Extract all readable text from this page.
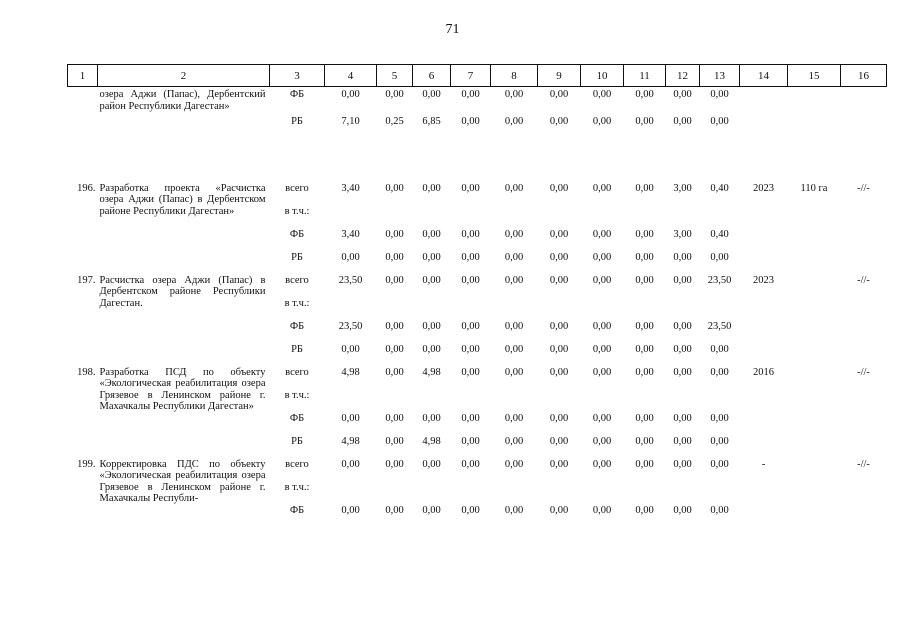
71
1	2	3	4	5	6	7	8	9	10	11	12	13	14	15	16
	озера Аджи (Папас), Дербентский район Республики Дагестан»	ФБ	0,00	0,00	0,00	0,00	0,00	0,00	0,00	0,00	0,00	0,00			
		РБ	7,10	0,25	6,85	0,00	0,00	0,00	0,00	0,00	0,00	0,00			

196.	Разработка проекта «Расчистка озера Аджи (Папас) в Дербентском районе Республики Дагестан»	всего	3,40	0,00	0,00	0,00	0,00	0,00	0,00	0,00	3,00	0,40	2023	110 га	-//-
		в т.ч.:													
		ФБ	3,40	0,00	0,00	0,00	0,00	0,00	0,00	0,00	3,00	0,40			
		РБ	0,00	0,00	0,00	0,00	0,00	0,00	0,00	0,00	0,00	0,00			
197.	Расчистка озера Аджи (Папас) в Дербентском районе Республики Дагестан.	всего	23,50	0,00	0,00	0,00	0,00	0,00	0,00	0,00	0,00	23,50	2023		-//-
		в т.ч.:													
		ФБ	23,50	0,00	0,00	0,00	0,00	0,00	0,00	0,00	0,00	23,50			
		РБ	0,00	0,00	0,00	0,00	0,00	0,00	0,00	0,00	0,00	0,00			
198.	Разработка ПСД по объекту «Экологическая реабилитация озера Грязевое в Ленинском районе г. Махачкалы Республики Дагестан»	всего	4,98	0,00	4,98	0,00	0,00	0,00	0,00	0,00	0,00	0,00	2016		-//-
		в т.ч.:													
		ФБ	0,00	0,00	0,00	0,00	0,00	0,00	0,00	0,00	0,00	0,00			
		РБ	4,98	0,00	4,98	0,00	0,00	0,00	0,00	0,00	0,00	0,00			
199.	Корректировка ПДС по объекту «Экологическая реабилитация озера Грязевое в Ленинском районе г. Махачкалы Республи-	всего	0,00	0,00	0,00	0,00	0,00	0,00	0,00	0,00	0,00	0,00	-		-//-
		в т.ч.:													
		ФБ	0,00	0,00	0,00	0,00	0,00	0,00	0,00	0,00	0,00	0,00			
